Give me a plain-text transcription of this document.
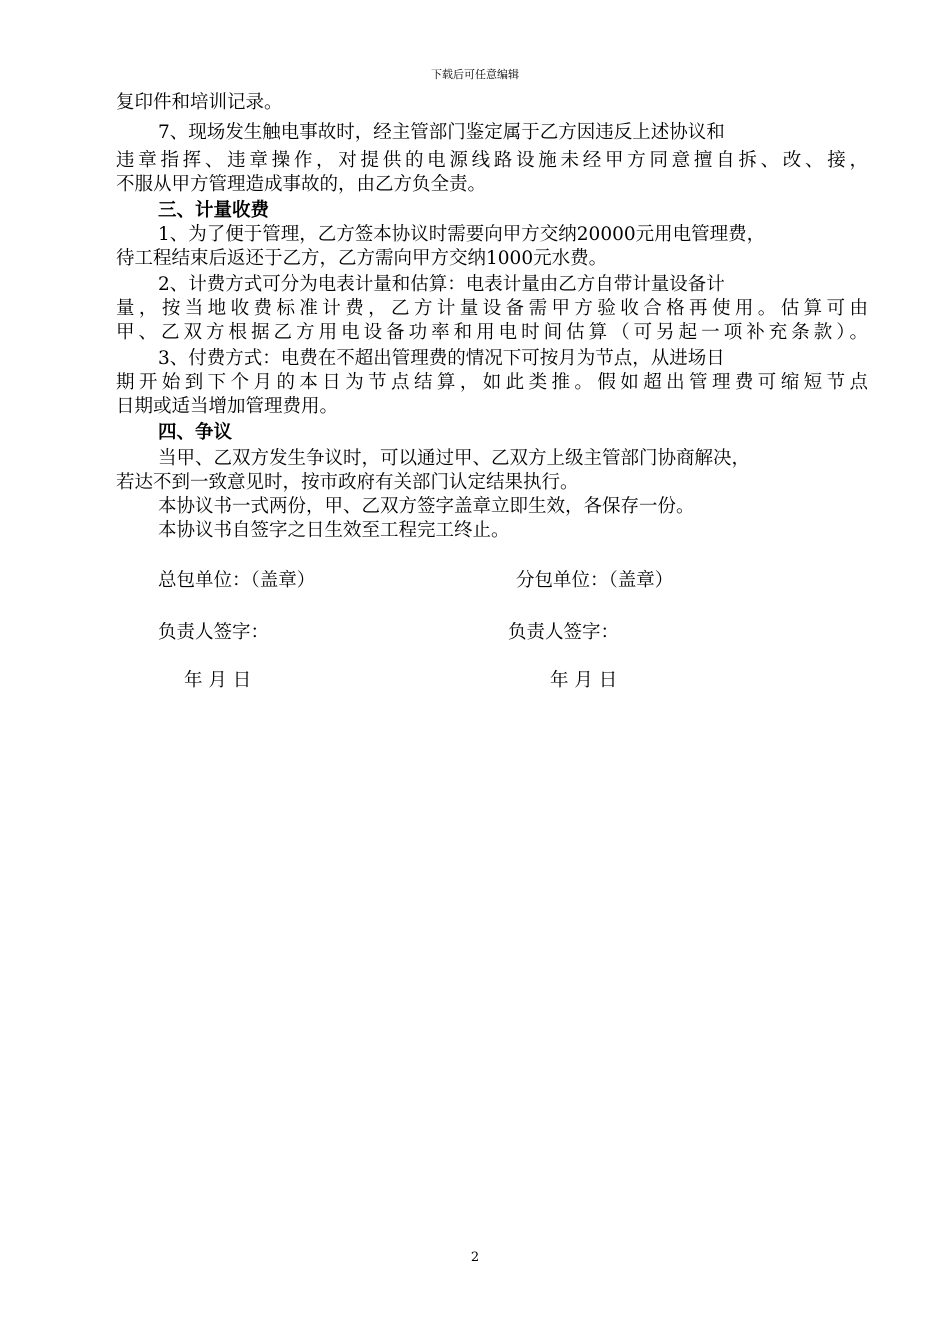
下载后可任意编辑
复印件和培训记录。
7、现场发生触电事故时，经主管部门鉴定属于乙方因违反上述协议和
违章指挥、违章操作，对提供的电源线路设施未经甲方同意擅自拆、改、接，
不服从甲方管理造成事故的，由乙方负全责。
三、计量收费
1、为了便于管理，乙方签本协议时需要向甲方交纳20000元用电管理费，
待工程结束后返还于乙方，乙方需向甲方交纳1000元水费。
2、计费方式可分为电表计量和估算：电表计量由乙方自带计量设备计
量，按当地收费标准计费，乙方计量设备需甲方验收合格再使用。估算可由
甲、乙双方根据乙方用电设备功率和用电时间估算（可另起一项补充条款）。
3、付费方式：电费在不超出管理费的情况下可按月为节点，从进场日
期开始到下个月的本日为节点结算，如此类推。假如超出管理费可缩短节点
日期或适当增加管理费用。
四、争议
当甲、乙双方发生争议时，可以通过甲、乙双方上级主管部门协商解决，
若达不到一致意见时，按市政府有关部门认定结果执行。
本协议书一式两份，甲、乙双方签字盖章立即生效，各保存一份。
本协议书自签字之日生效至工程完工终止。
总包单位：（盖章）	分包单位：（盖章）
负责人签字：	负责人签字：
年 月 日	年 月 日
2
